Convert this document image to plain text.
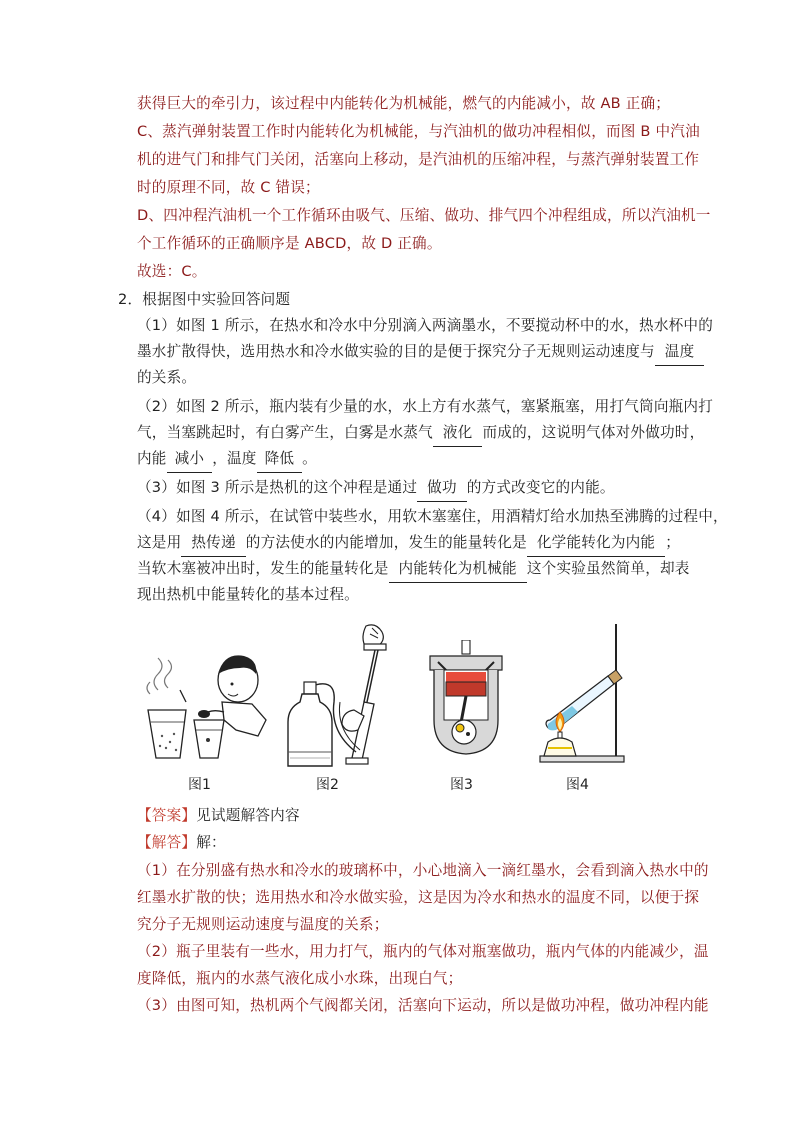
获得巨大的牵引力，该过程中内能转化为机械能，燃气的内能减小，故 AB 正确；
C、蒸汽弹射装置工作时内能转化为机械能，与汽油机的做功冲程相似，而图 B 中汽油
机的进气门和排气门关闭，活塞向上移动，是汽油机的压缩冲程，与蒸汽弹射装置工作
时的原理不同，故 C 错误；
D、四冲程汽油机一个工作循环由吸气、压缩、做功、排气四个冲程组成，所以汽油机一
个工作循环的正确顺序是 ABCD，故 D 正确。
故选：C。
2．根据图中实验回答问题
（1）如图 1 所示，在热水和冷水中分别滴入两滴墨水，不要搅动杯中的水，热水杯中的
墨水扩散得快，选用热水和冷水做实验的目的是便于探究分子无规则运动速度与 温度
的关系。
（2）如图 2 所示，瓶内装有少量的水，水上方有水蒸气，塞紧瓶塞，用打气筒向瓶内打
气，当塞跳起时，有白雾产生，白雾是水蒸气 液化 而成的，这说明气体对外做功时，
内能 减小 ，温度 降低 。
（3）如图 3 所示是热机的这个冲程是通过 做功 的方式改变它的内能。
（4）如图 4 所示，在试管中装些水，用软木塞塞住，用酒精灯给水加热至沸腾的过程中，
这是用 热传递 的方法使水的内能增加，发生的能量转化是 化学能转化为内能 ；
当软木塞被冲出时，发生的能量转化是 内能转化为机械能 这个实验虽然简单，却表
现出热机中能量转化的基本过程。
图1	图2	图3	图4
【答案】见试题解答内容
【解答】解：
（1）在分别盛有热水和冷水的玻璃杯中，小心地滴入一滴红墨水，会看到滴入热水中的
红墨水扩散的快；选用热水和冷水做实验，这是因为冷水和热水的温度不同，以便于探
究分子无规则运动速度与温度的关系；
（2）瓶子里装有一些水，用力打气，瓶内的气体对瓶塞做功，瓶内气体的内能减少，温
度降低，瓶内的水蒸气液化成小水珠，出现白气；
（3）由图可知，热机两个气阀都关闭，活塞向下运动，所以是做功冲程，做功冲程内能
